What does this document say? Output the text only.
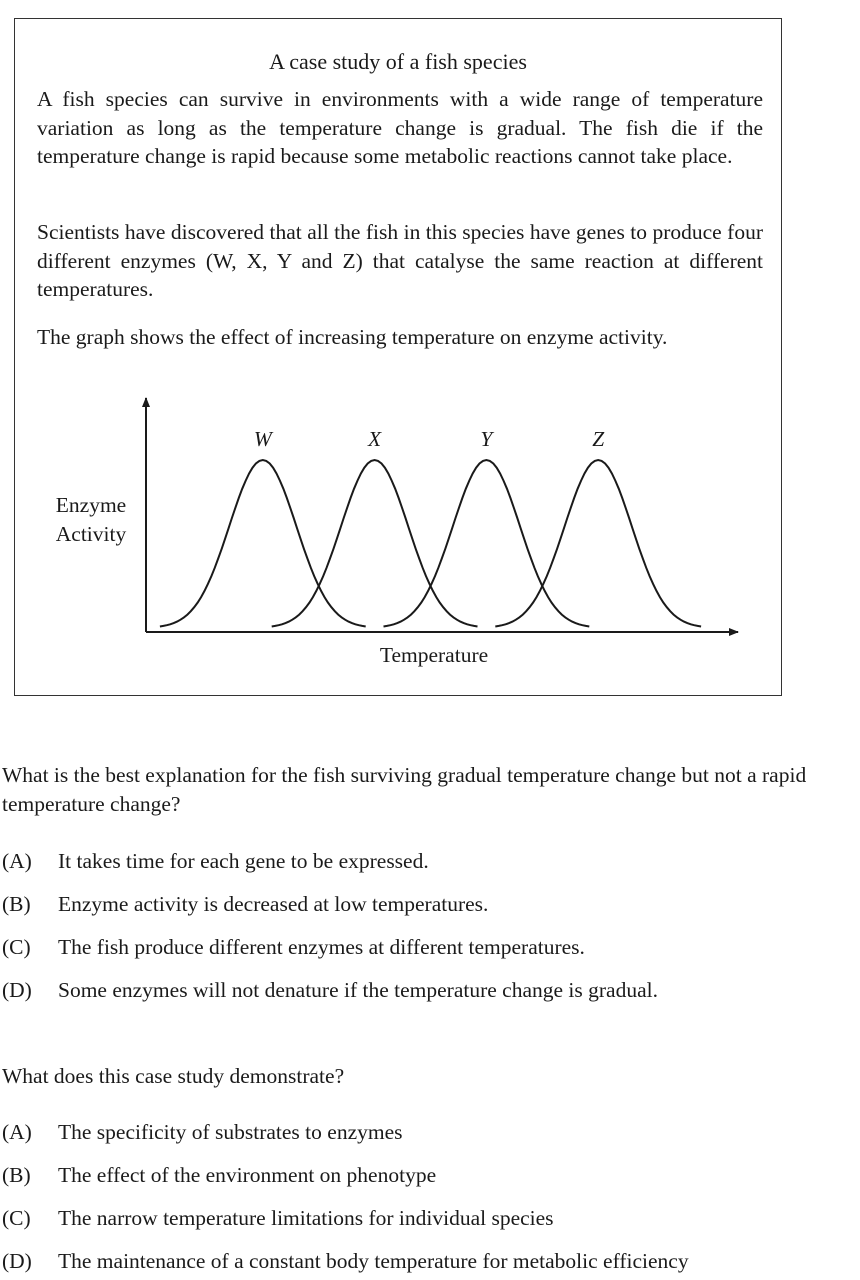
A case study of a fish species
A fish species can survive in environments with a wide range of temperature variation as long as the temperature change is gradual. The fish die if the temperature change is rapid because some metabolic reactions cannot take place.
Scientists have discovered that all the fish in this species have genes to produce four different enzymes (W, X, Y and Z) that catalyse the same reaction at different temperatures.
The graph shows the effect of increasing temperature on enzyme activity.
Enzyme
Activity
Temperature
W	X	Y	Z
What is the best explanation for the fish surviving gradual temperature change but not a rapid temperature change?
(A) It takes time for each gene to be expressed.
(B) Enzyme activity is decreased at low temperatures.
(C) The fish produce different enzymes at different temperatures.
(D) Some enzymes will not denature if the temperature change is gradual.
What does this case study demonstrate?
(A) The specificity of substrates to enzymes
(B) The effect of the environment on phenotype
(C) The narrow temperature limitations for individual species
(D) The maintenance of a constant body temperature for metabolic efficiency
